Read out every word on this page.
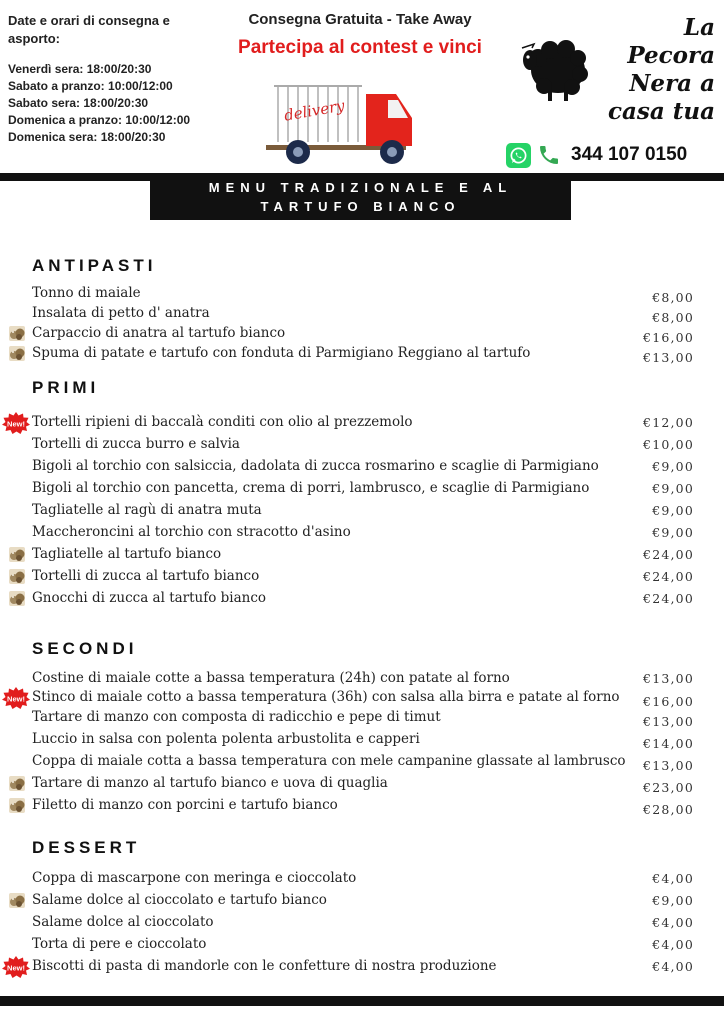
Date e orari di consegna e asporto:
Venerdì sera: 18:00/20:30
Sabato a pranzo: 10:00/12:00
Sabato sera: 18:00/20:30
Domenica a pranzo: 10:00/12:00
Domenica sera: 18:00/20:30
Consegna Gratuita - Take Away
Partecipa al contest e vinci
delivery
La
Pecora
Nera a
casa tua
344 107 0150
MENU TRADIZIONALE E AL
TARTUFO BIANCO
ANTIPASTI
Tonno di maiale	€8,00
Insalata di petto d' anatra	€8,00
Carpaccio di anatra al tartufo bianco	€16,00
Spuma di patate e tartufo con fonduta di Parmigiano Reggiano al tartufo	€13,00
PRIMI
New! Tortelli ripieni di baccalà conditi con olio al prezzemolo	€12,00
Tortelli di zucca burro e salvia	€10,00
Bigoli al torchio con salsiccia, dadolata di zucca rosmarino e scaglie di Parmigiano	€9,00
Bigoli al torchio con pancetta, crema di porri, lambrusco, e scaglie di Parmigiano	€9,00
Tagliatelle al ragù di anatra muta	€9,00
Maccheroncini al torchio con stracotto d'asino	€9,00
Tagliatelle al tartufo bianco	€24,00
Tortelli di zucca al tartufo bianco	€24,00
Gnocchi di zucca al tartufo bianco	€24,00
SECONDI
Costine di maiale cotte a bassa temperatura (24h) con patate al forno	€13,00
New! Stinco di maiale cotto a bassa temperatura (36h) con salsa alla birra e patate al forno €16,00
Tartare di manzo con composta di radicchio e pepe di timut	€13,00
Luccio in salsa con polenta polenta arbustolita e capperi	€14,00
Coppa di maiale cotta a bassa temperatura con mele campanine glassate al lambrusco €13,00
Tartare di manzo al tartufo bianco e uova di quaglia	€23,00
Filetto di manzo con porcini e tartufo bianco	€28,00
DESSERT
Coppa di mascarpone con meringa e cioccolato	€4,00
Salame dolce al cioccolato e tartufo bianco	€9,00
Salame dolce al cioccolato	€4,00
Torta di pere e cioccolato	€4,00
New! Biscotti di pasta di mandorle con le confetture di nostra produzione	€4,00
